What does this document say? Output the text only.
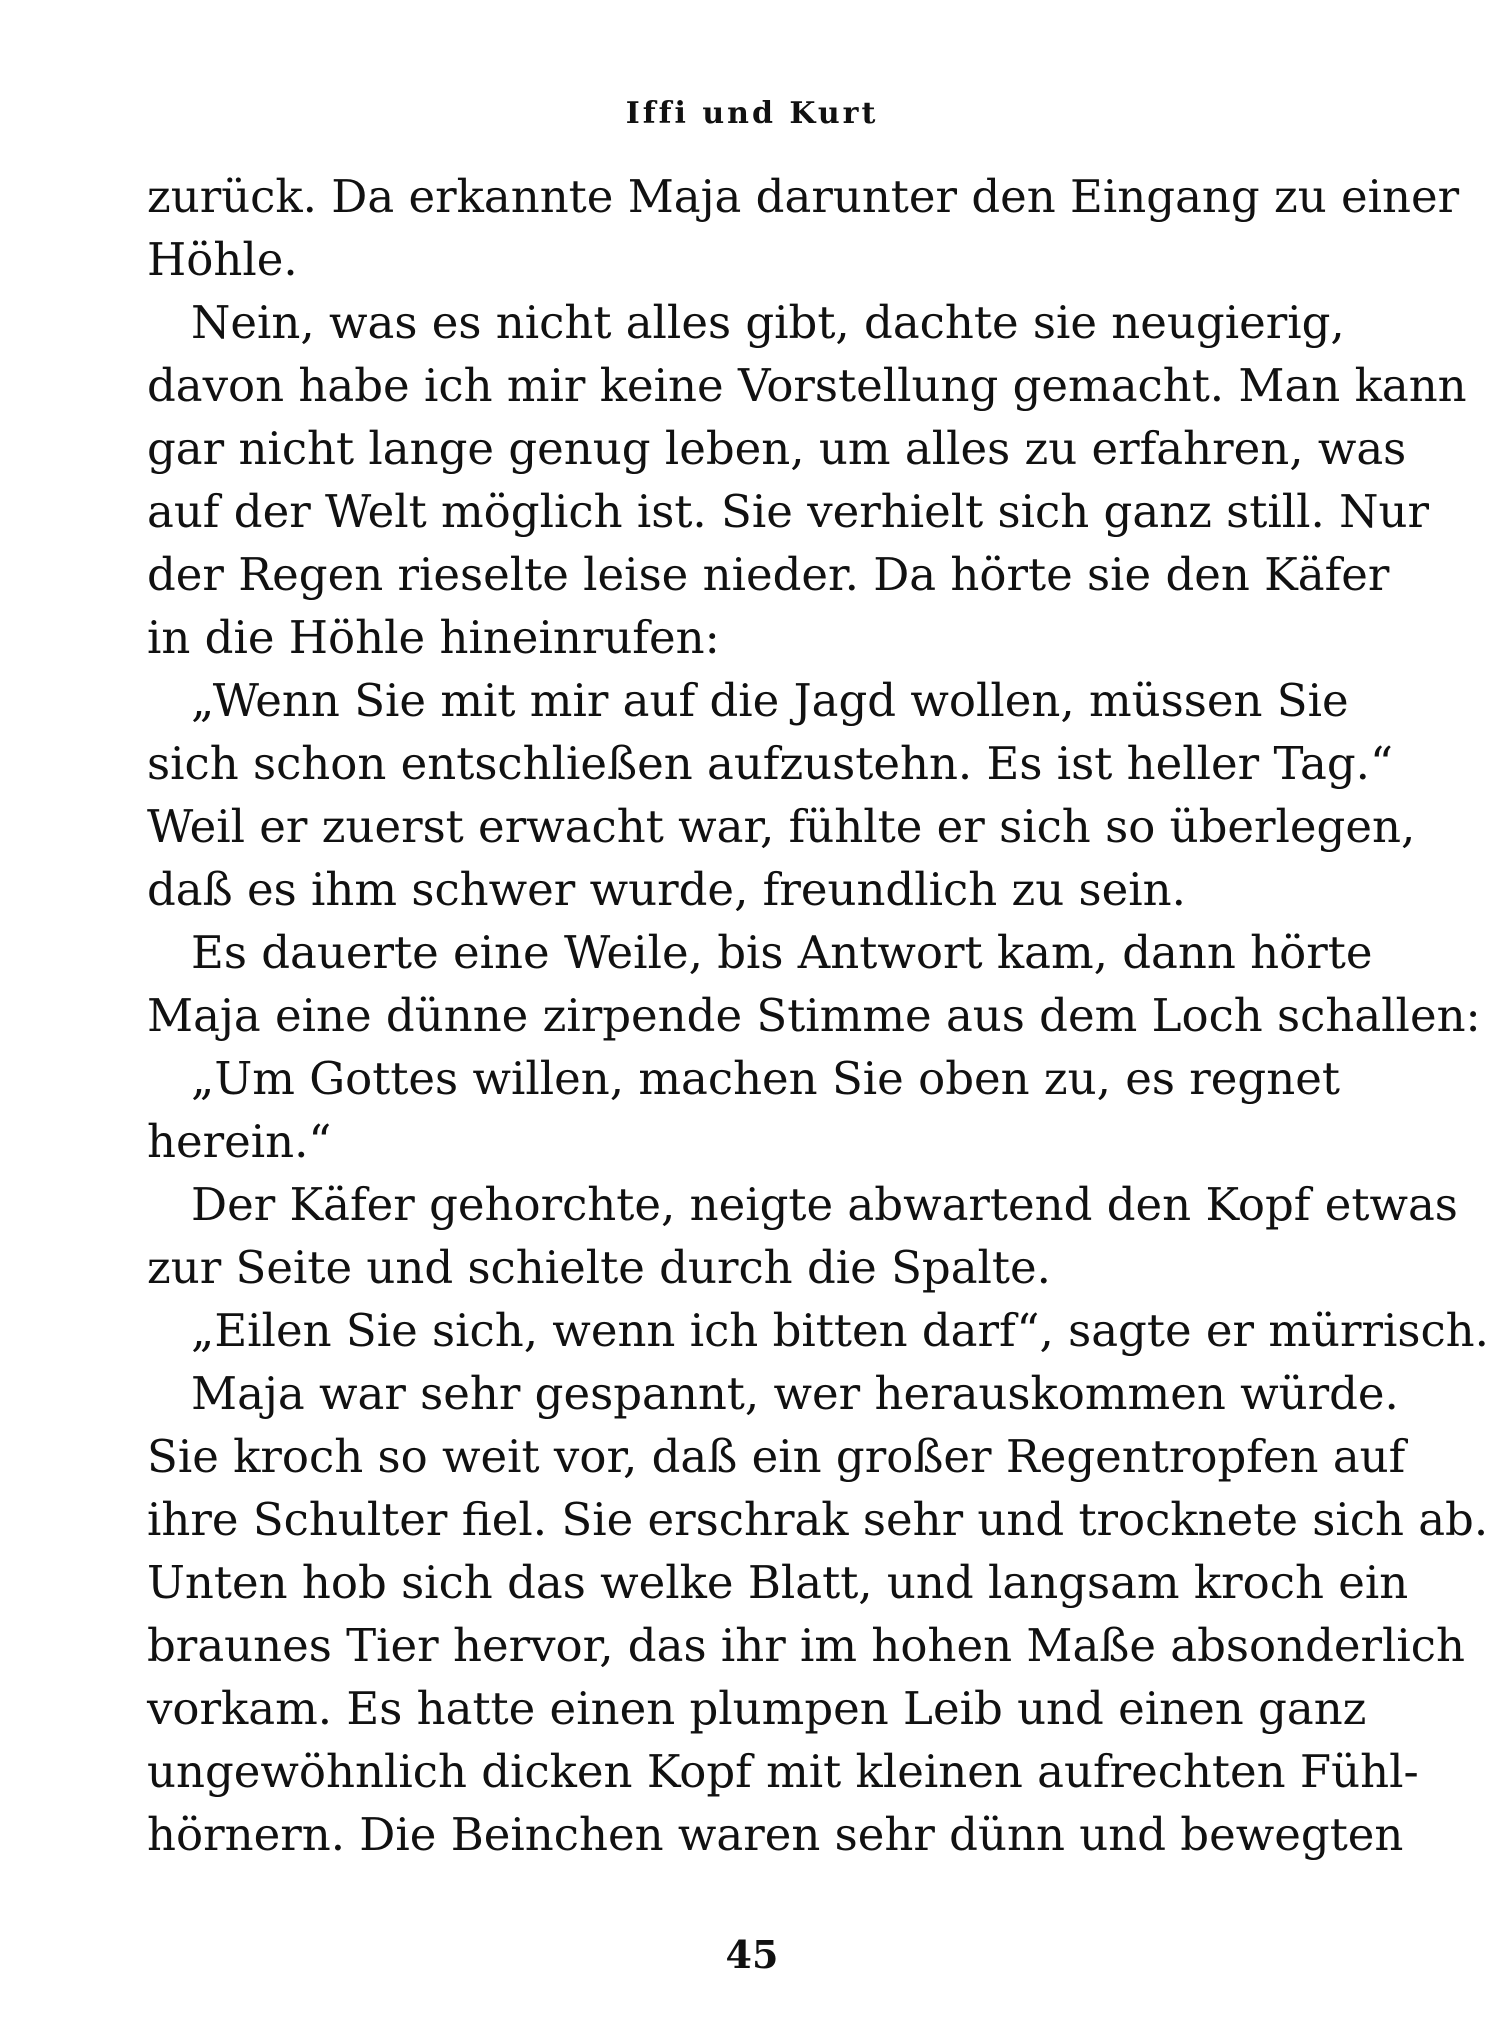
Iffi und Kurt
zurück. Da erkannte Maja darunter den Eingang zu einer
Höhle.
Nein, was es nicht alles gibt, dachte sie neugierig,
davon habe ich mir keine Vorstellung gemacht. Man kann
gar nicht lange genug leben, um alles zu erfahren, was
auf der Welt möglich ist. Sie verhielt sich ganz still. Nur
der Regen rieselte leise nieder. Da hörte sie den Käfer
in die Höhle hineinrufen:
„Wenn Sie mit mir auf die Jagd wollen, müssen Sie
sich schon entschließen aufzustehn. Es ist heller Tag.“
Weil er zuerst erwacht war, fühlte er sich so überlegen,
daß es ihm schwer wurde, freundlich zu sein.
Es dauerte eine Weile, bis Antwort kam, dann hörte
Maja eine dünne zirpende Stimme aus dem Loch schallen:
„Um Gottes willen, machen Sie oben zu, es regnet
herein.“
Der Käfer gehorchte, neigte abwartend den Kopf etwas
zur Seite und schielte durch die Spalte.
„Eilen Sie sich, wenn ich bitten darf“, sagte er mürrisch.
Maja war sehr gespannt, wer herauskommen würde.
Sie kroch so weit vor, daß ein großer Regentropfen auf
ihre Schulter fiel. Sie erschrak sehr und trocknete sich ab.
Unten hob sich das welke Blatt, und langsam kroch ein
braunes Tier hervor, das ihr im hohen Maße absonderlich
vorkam. Es hatte einen plumpen Leib und einen ganz
ungewöhnlich dicken Kopf mit kleinen aufrechten Fühl-
hörnern. Die Beinchen waren sehr dünn und bewegten
45
